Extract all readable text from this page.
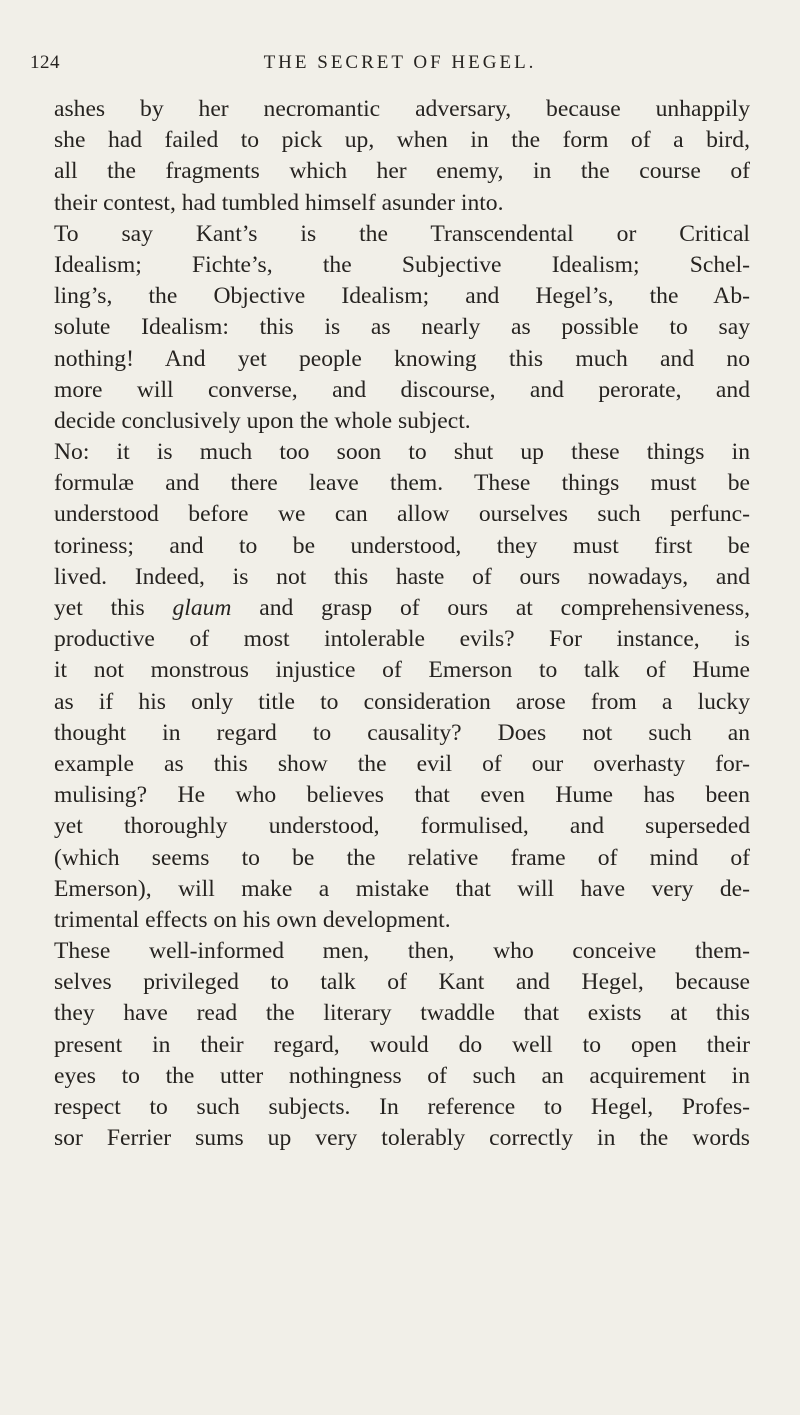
124	THE SECRET OF HEGEL.
ashes by her necromantic adversary, because unhappily
she had failed to pick up, when in the form of a bird,
all the fragments which her enemy, in the course of
their contest, had tumbled himself asunder into.
To say Kant’s is the Transcendental or Critical
Idealism; Fichte’s, the Subjective Idealism; Schel-
ling’s, the Objective Idealism; and Hegel’s, the Ab-
solute Idealism: this is as nearly as possible to say
nothing! And yet people knowing this much and no
more will converse, and discourse, and perorate, and
decide conclusively upon the whole subject.
No: it is much too soon to shut up these things in
formulæ and there leave them. These things must be
understood before we can allow ourselves such perfunc-
toriness; and to be understood, they must first be
lived. Indeed, is not this haste of ours nowadays, and
yet this glaum and grasp of ours at comprehensiveness,
productive of most intolerable evils? For instance, is
it not monstrous injustice of Emerson to talk of Hume
as if his only title to consideration arose from a lucky
thought in regard to causality? Does not such an
example as this show the evil of our overhasty for-
mulising? He who believes that even Hume has been
yet thoroughly understood, formulised, and superseded
(which seems to be the relative frame of mind of
Emerson), will make a mistake that will have very de-
trimental effects on his own development.
These well-informed men, then, who conceive them-
selves privileged to talk of Kant and Hegel, because
they have read the literary twaddle that exists at this
present in their regard, would do well to open their
eyes to the utter nothingness of such an acquirement in
respect to such subjects. In reference to Hegel, Profes-
sor Ferrier sums up very tolerably correctly in the words
